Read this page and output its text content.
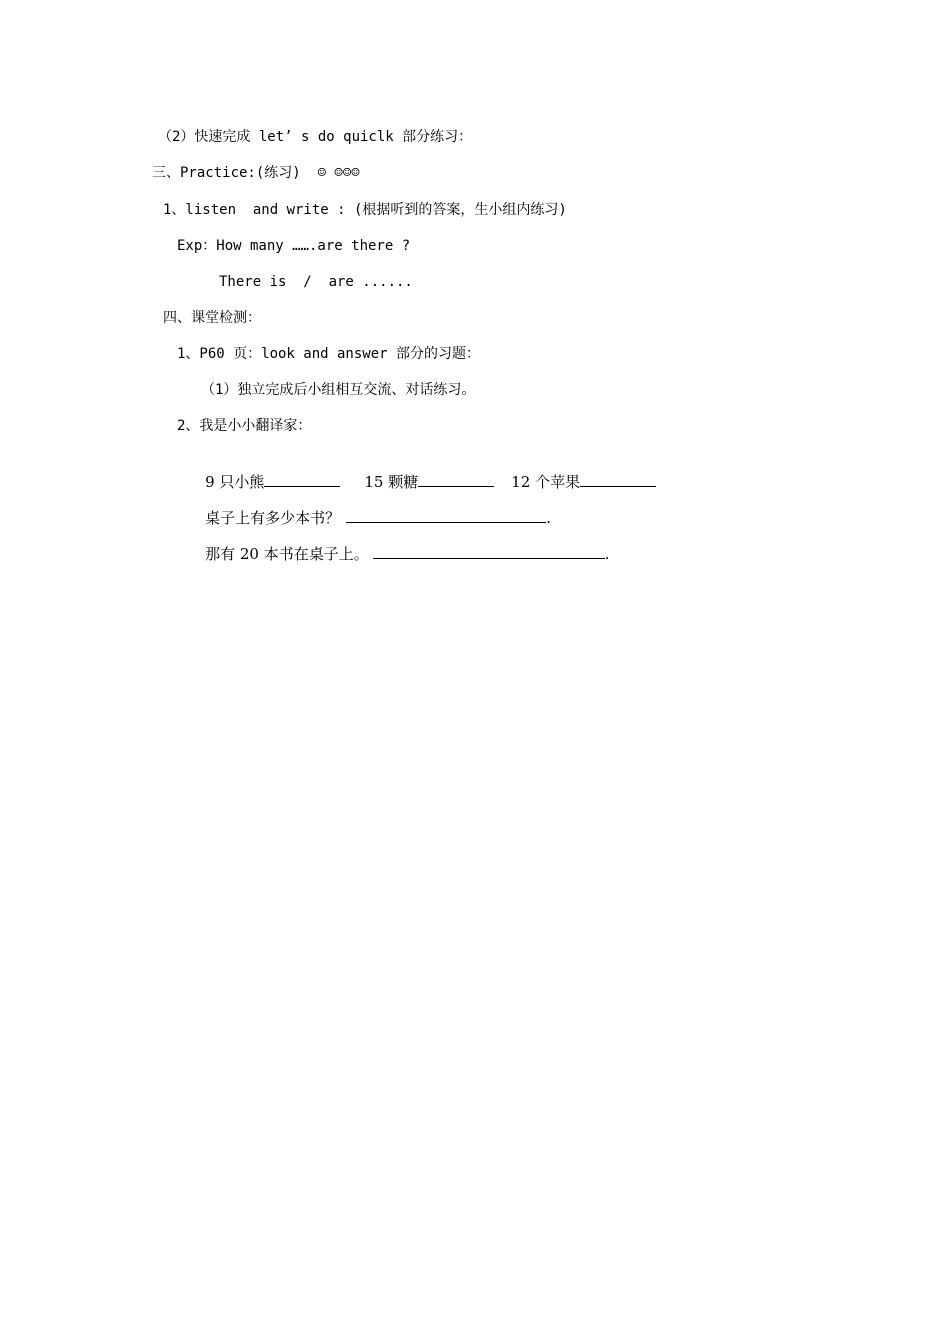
（2）快速完成 let’ s do quiclk 部分练习：
三、Practice:(练习)  ☺ ☺☺☺
1、listen  and write : (根据听到的答案，生小组内练习)
Exp：How many …….are there ?
There is  /  are ......
四、课堂检测：
1、P60 页：look and answer 部分的习题：
（1）独立完成后小组相互交流、对话练习。
2、我是小小翻译家：

9 只小熊	15 颗糖	12 个苹果

桌子上有多少本书？	.

那有 20 本书在桌子上。	.
